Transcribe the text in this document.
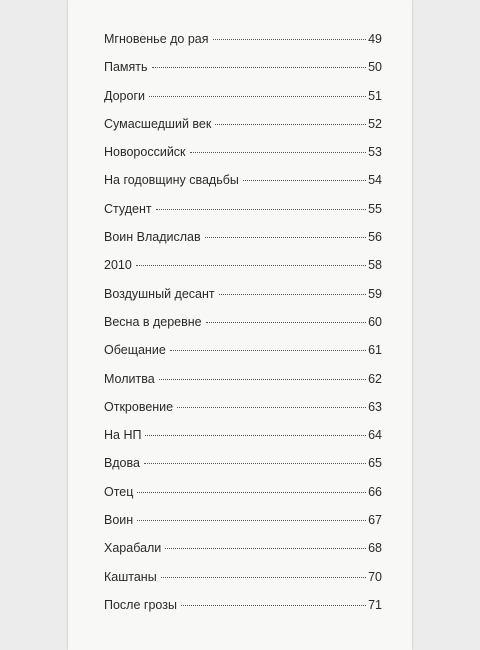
Мгновенье до рая	49
Память	50
Дороги	51
Сумасшедший век	52
Новороссийск	53
На годовщину свадьбы	54
Студент	55
Воин Владислав	56
2010	58
Воздушный десант	59
Весна в деревне	60
Обещание	61
Молитва	62
Откровение	63
На НП	64
Вдова	65
Отец	66
Воин	67
Харабали	68
Каштаны	70
После грозы	71
